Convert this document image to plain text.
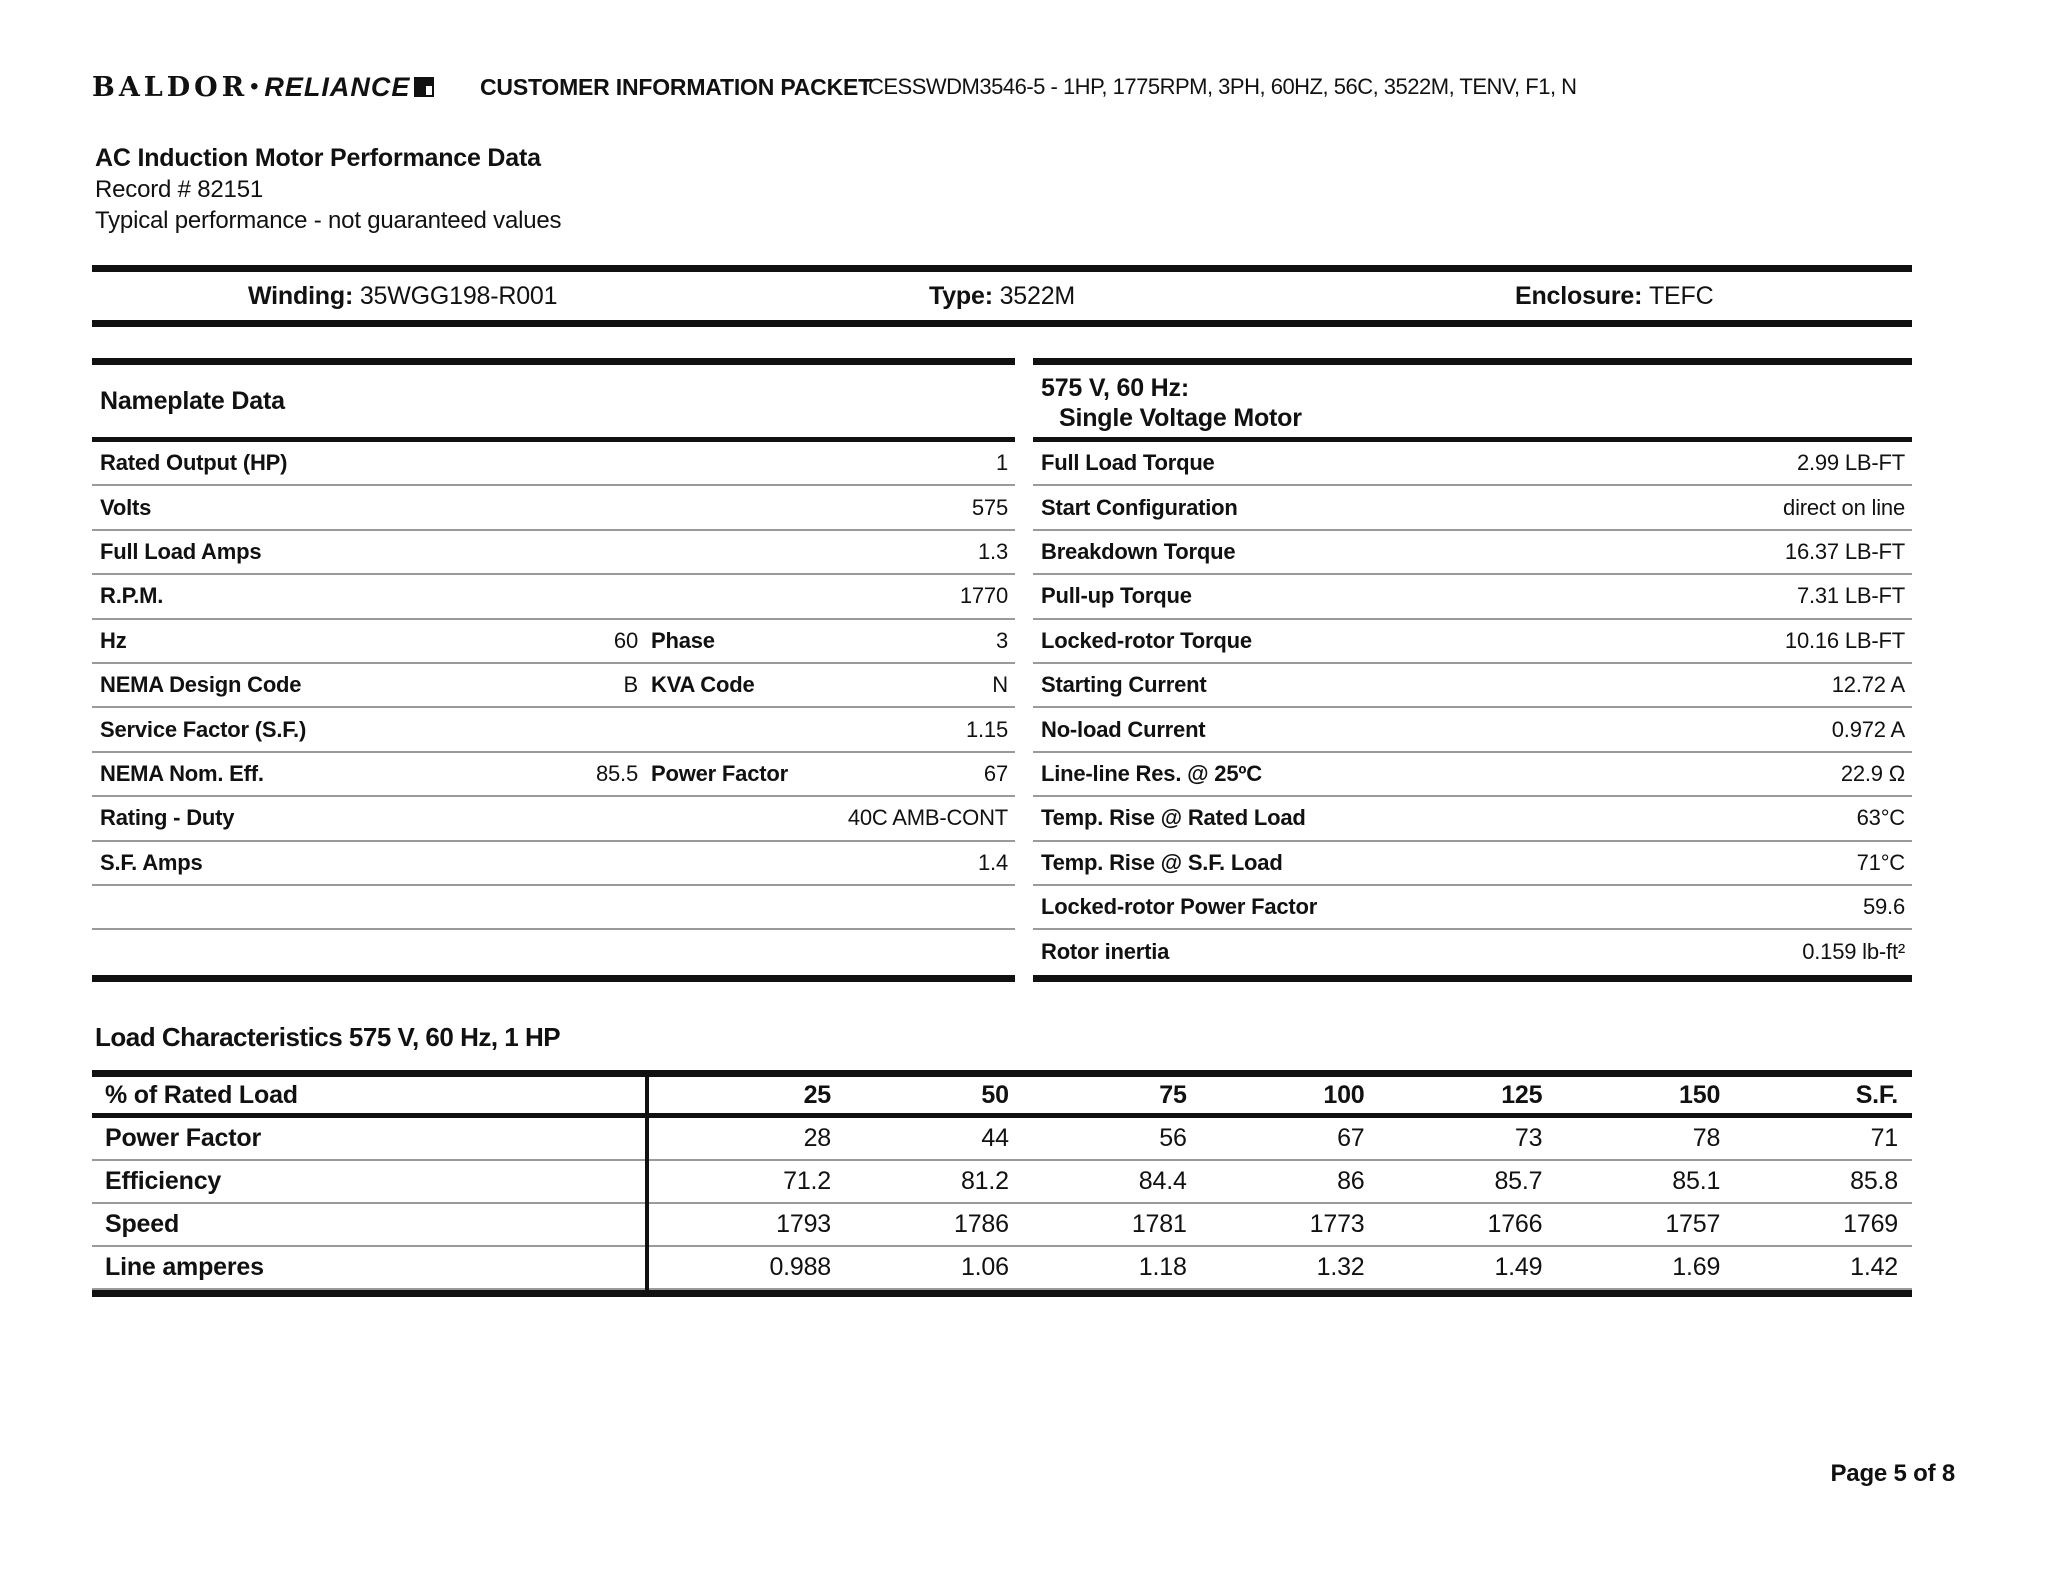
BALDOR • RELIANCE	CUSTOMER INFORMATION PACKET
CESSWDM3546-5 - 1HP, 1775RPM, 3PH, 60HZ, 56C, 3522M, TENV, F1, N
AC Induction Motor Performance Data
Record # 82151
Typical performance - not guaranteed values
Winding: 35WGG198-R001	Type: 3522M	Enclosure: TEFC
Nameplate Data
Rated Output (HP)	1
Volts	575
Full Load Amps	1.3
R.P.M.	1770
Hz	60 Phase	3
NEMA Design Code	B KVA Code	N
Service Factor (S.F.)	1.15
NEMA Nom. Eff.	85.5 Power Factor	67
Rating - Duty	40C AMB-CONT
S.F. Amps	1.4
575 V, 60 Hz:
Single Voltage Motor
Full Load Torque	2.99 LB-FT
Start Configuration	direct on line
Breakdown Torque	16.37 LB-FT
Pull-up Torque	7.31 LB-FT
Locked-rotor Torque	10.16 LB-FT
Starting Current	12.72 A
No-load Current	0.972 A
Line-line Res. @ 25ºC	22.9 Ω
Temp. Rise @ Rated Load	63°C
Temp. Rise @ S.F. Load	71°C
Locked-rotor Power Factor	59.6
Rotor inertia	0.159 lb-ft²
Load Characteristics 575 V, 60 Hz, 1 HP
% of Rated Load	25	50	75	100	125	150	S.F.
Power Factor	28	44	56	67	73	78	71
Efficiency	71.2	81.2	84.4	86	85.7	85.1	85.8
Speed	1793	1786	1781	1773	1766	1757	1769
Line amperes	0.988	1.06	1.18	1.32	1.49	1.69	1.42
Page 5 of 8
